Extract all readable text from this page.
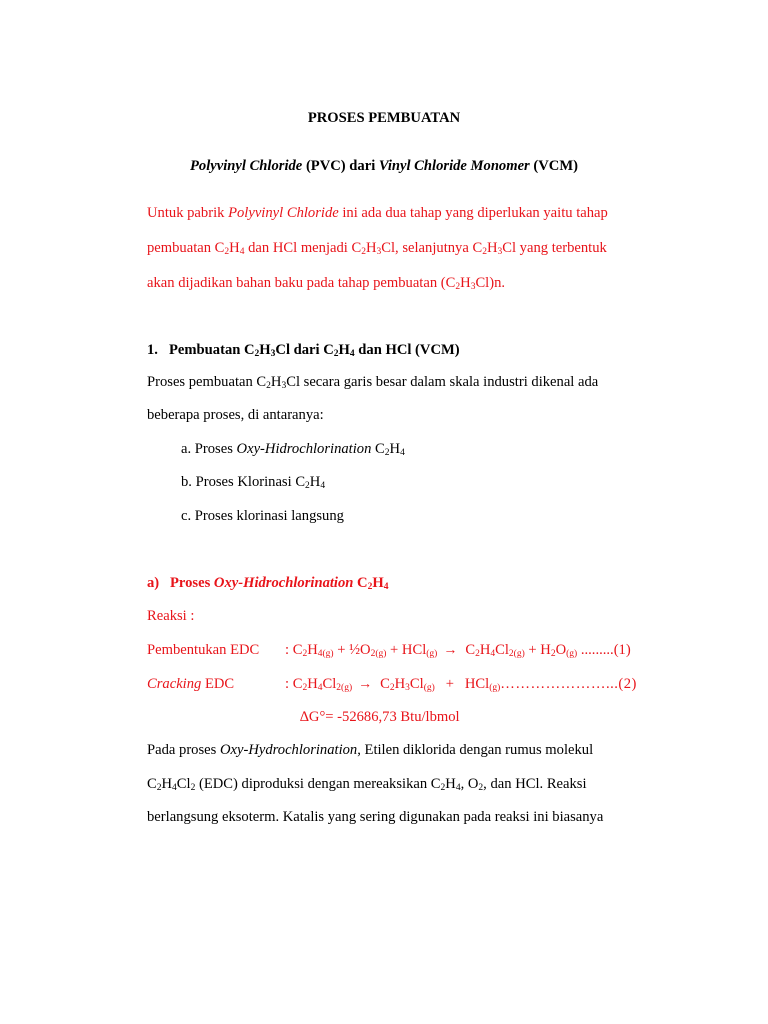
PROSES PEMBUATAN
Polyvinyl Chloride (PVC) dari Vinyl Chloride Monomer (VCM)
Untuk pabrik Polyvinyl Chloride ini ada dua tahap yang diperlukan yaitu tahap
pembuatan $C_2H_4$ dan HCl menjadi $C_2H_3Cl$, selanjutnya $C_2H_3Cl$ yang terbentuk
akan dijadikan bahan baku pada tahap pembuatan $(C_2H_3Cl)n$.
1. Pembuatan $C_2H_3Cl$ dari $C_2H_4$ dan HCl (VCM)
Proses pembuatan $C_2H_3Cl$ secara garis besar dalam skala industri dikenal ada
beberapa proses, di antaranya:
a. Proses Oxy-Hidrochlorination $C_2H_4$
b. Proses Klorinasi $C_2H_4$
c. Proses klorinasi langsung
a) Proses Oxy-Hidrochlorination $C_2H_4$
Reaksi :
Pembentukan EDC : $C_2H_{4(g)}$ + $\frac{1}{2}O_{2(g)} + HCl_{(g)} \to C_2H_4Cl_{2(g)} + H_2O_{(g)}$ .........(1)
Cracking EDC	: $C_2H_4Cl_{2(g)} \to C_2H_3Cl_{(g)}$   +   HCl$_{(g)}$…………………...(2)
∆G°= -52686,73 Btu/lbmol
Pada proses Oxy-Hydrochlorination, Etilen diklorida dengan rumus molekul
$C_2H_4Cl_2$ (EDC) diproduksi dengan mereaksikan $C_2H_4$, $O_2$, dan HCl. Reaksi
berlangsung eksoterm. Katalis yang sering digunakan pada reaksi ini biasanya
